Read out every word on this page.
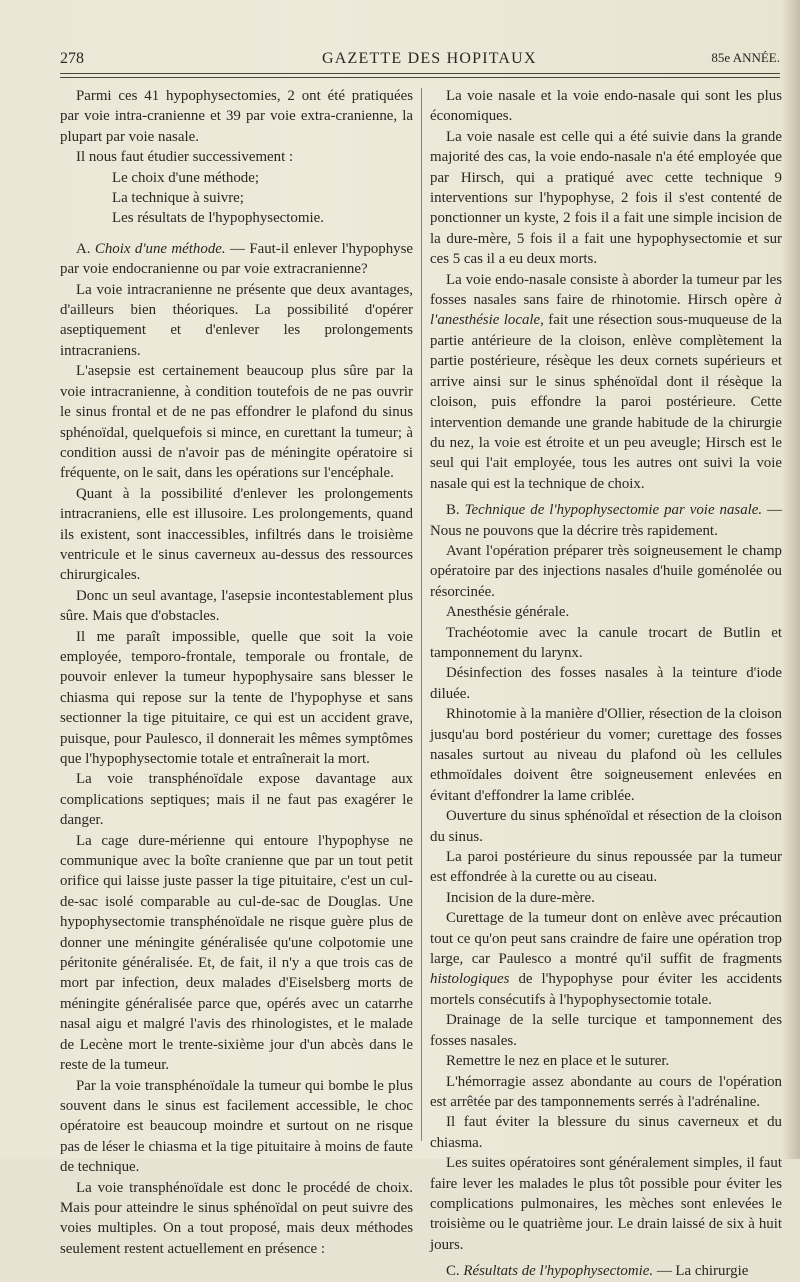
278	GAZETTE DES HOPITAUX	85e ANNÉE.

Parmi ces 41 hypophysectomies, 2 ont été pratiquées par voie intra-cranienne et 39 par voie extra-cranienne, la plupart par voie nasale.

Il nous faut étudier successivement :

Le choix d'une méthode;
La technique à suivre;
Les résultats de l'hypophysectomie.

A. Choix d'une méthode. — Faut-il enlever l'hypophyse par voie endocranienne ou par voie extracranienne?

La voie intracranienne ne présente que deux avantages, d'ailleurs bien théoriques. La possibilité d'opérer aseptiquement et d'enlever les prolongements intracraniens.

L'asepsie est certainement beaucoup plus sûre par la voie intracranienne, à condition toutefois de ne pas ouvrir le sinus frontal et de ne pas effondrer le plafond du sinus sphénoïdal, quelquefois si mince, en curettant la tumeur; à condition aussi de n'avoir pas de méningite opératoire si fréquente, on le sait, dans les opérations sur l'encéphale.

Quant à la possibilité d'enlever les prolongements intracraniens, elle est illusoire. Les prolongements, quand ils existent, sont inaccessibles, infiltrés dans le troisième ventricule et le sinus caverneux au-dessus des ressources chirurgicales.

Donc un seul avantage, l'asepsie incontestablement plus sûre. Mais que d'obstacles.

Il me paraît impossible, quelle que soit la voie employée, temporo-frontale, temporale ou frontale, de pouvoir enlever la tumeur hypophysaire sans blesser le chiasma qui repose sur la tente de l'hypophyse et sans sectionner la tige pituitaire, ce qui est un accident grave, puisque, pour Paulesco, il donnerait les mêmes symptômes que l'hypophysectomie totale et entraînerait la mort.

La voie transphénoïdale expose davantage aux complications septiques; mais il ne faut pas exagérer le danger.

La cage dure-mérienne qui entoure l'hypophyse ne communique avec la boîte cranienne que par un tout petit orifice qui laisse juste passer la tige pituitaire, c'est un cul-de-sac isolé comparable au cul-de-sac de Douglas. Une hypophysectomie transphénoïdale ne risque guère plus de donner une méningite généralisée qu'une colpotomie une péritonite généralisée. Et, de fait, il n'y a que trois cas de mort par infection, deux malades d'Eiselsberg morts de méningite généralisée parce que, opérés avec un catarrhe nasal aigu et malgré l'avis des rhinologistes, et le malade de Lecène mort le trente-sixième jour d'un abcès dans le reste de la tumeur.

Par la voie transphénoïdale la tumeur qui bombe le plus souvent dans le sinus est facilement accessible, le choc opératoire est beaucoup moindre et surtout on ne risque pas de léser le chiasma et la tige pituitaire à moins de faute de technique.

La voie transphénoïdale est donc le procédé de choix. Mais pour atteindre le sinus sphénoïdal on peut suivre des voies multiples. On a tout proposé, mais deux méthodes seulement restent actuellement en présence :

La voie nasale et la voie endo-nasale qui sont les plus économiques.

La voie nasale est celle qui a été suivie dans la grande majorité des cas, la voie endo-nasale n'a été employée que par Hirsch, qui a pratiqué avec cette technique 9 interventions sur l'hypophyse, 2 fois il s'est contenté de ponctionner un kyste, 2 fois il a fait une simple incision de la dure-mère, 5 fois il a fait une hypophysectomie et sur ces 5 cas il a eu deux morts.

La voie endo-nasale consiste à aborder la tumeur par les fosses nasales sans faire de rhinotomie. Hirsch opère à l'anesthésie locale, fait une résection sous-muqueuse de la partie antérieure de la cloison, enlève complètement la partie postérieure, résèque les deux cornets supérieurs et arrive ainsi sur le sinus sphénoïdal dont il résèque la cloison, puis effondre la paroi postérieure. Cette intervention demande une grande habitude de la chirurgie du nez, la voie est étroite et un peu aveugle; Hirsch est le seul qui l'ait employée, tous les autres ont suivi la voie nasale qui est la technique de choix.

B. Technique de l'hypophysectomie par voie nasale. — Nous ne pouvons que la décrire très rapidement.

Avant l'opération préparer très soigneusement le champ opératoire par des injections nasales d'huile goménolée ou résorcinée.

Anesthésie générale.

Trachéotomie avec la canule trocart de Butlin et tamponnement du larynx.

Désinfection des fosses nasales à la teinture d'iode diluée.

Rhinotomie à la manière d'Ollier, résection de la cloison jusqu'au bord postérieur du vomer; curettage des fosses nasales surtout au niveau du plafond où les cellules ethmoïdales doivent être soigneusement enlevées en évitant d'effondrer la lame criblée.

Ouverture du sinus sphénoïdal et résection de la cloison du sinus.

La paroi postérieure du sinus repoussée par la tumeur est effondrée à la curette ou au ciseau.

Incision de la dure-mère.

Curettage de la tumeur dont on enlève avec précaution tout ce qu'on peut sans craindre de faire une opération trop large, car Paulesco a montré qu'il suffit de fragments histologiques de l'hypophyse pour éviter les accidents mortels consécutifs à l'hypophysectomie totale.

Drainage de la selle turcique et tamponnement des fosses nasales.

Remettre le nez en place et le suturer.

L'hémorragie assez abondante au cours de l'opération est arrêtée par des tamponnements serrés à l'adrénaline.

Il faut éviter la blessure du sinus caverneux et du chiasma.

Les suites opératoires sont généralement simples, il faut faire lever les malades le plus tôt possible pour éviter les complications pulmonaires, les mèches sont enlevées le troisième ou le quatrième jour. Le drain laissé de six à huit jours.

C. Résultats de l'hypophysectomie. — La chirurgie
